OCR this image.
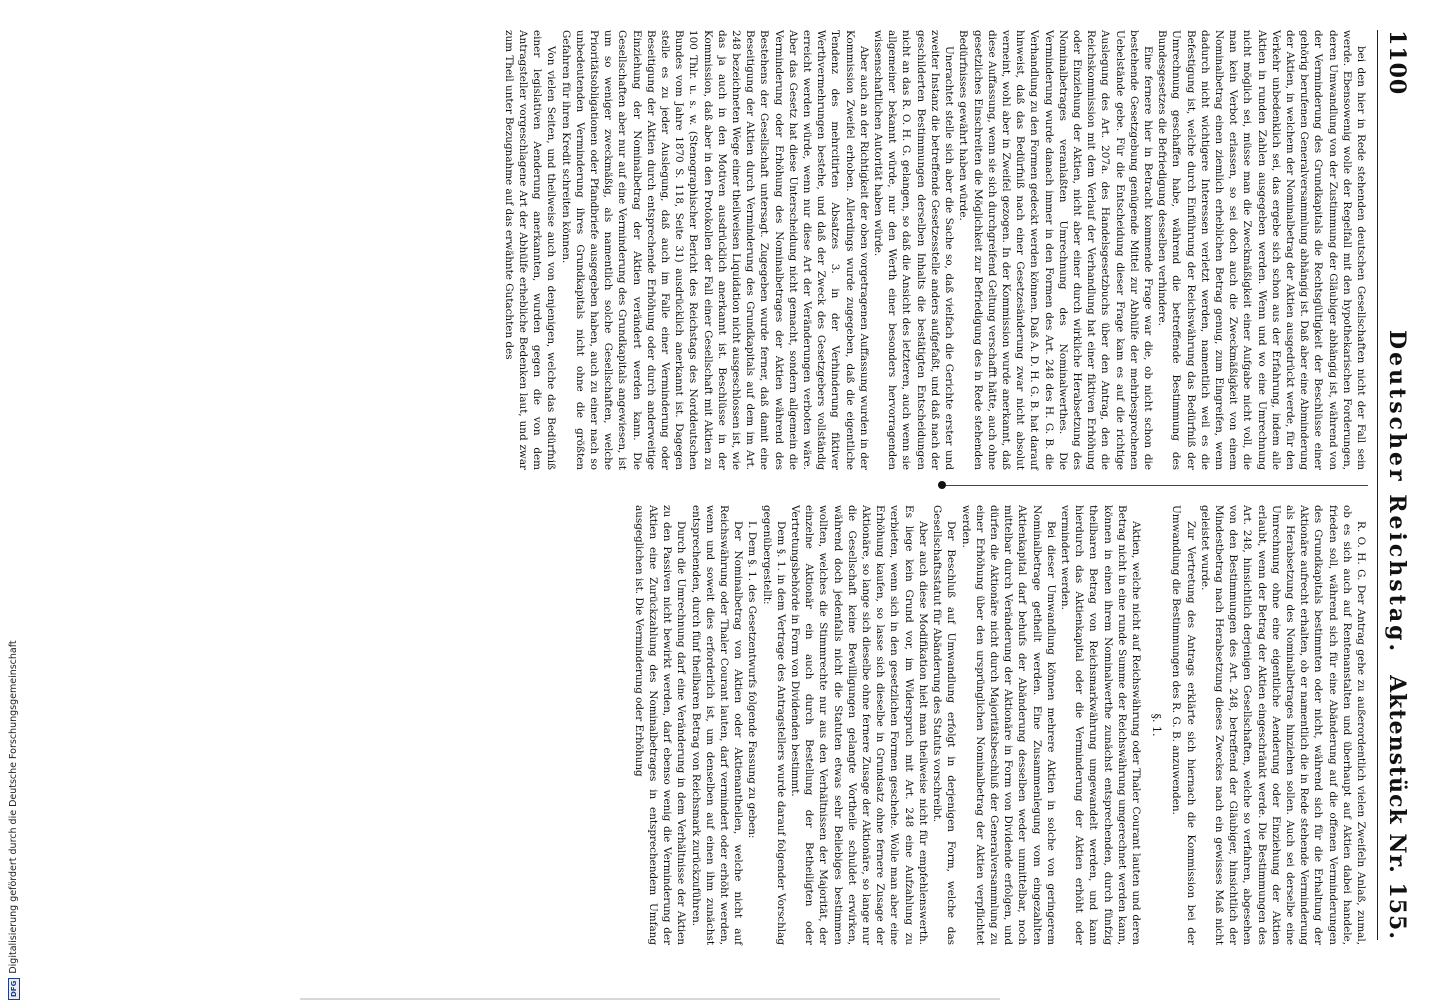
1100
Deutscher Reichstag.
Aktenstück Nr. 155.

bei den hier in Rede stehenden deutschen Gesellschaften nicht der Fall sein werde. Ebensowenig wolle der Regelfall mit den hypothekarischen Forderungen, deren Umwandlung von der Zustimmung der Gläubiger abhängig ist, während von der Verminderung des Grundkapitals die Rechtsgültigkeit der Beschlüsse einer gehörig berufenen Generalversammlung abhängig ist. Daß aber eine Abminderung der Aktien, in welchem der Nominalbetrag der Aktien ausgedrückt werde, für den Verkehr unbedenklich sei, das ergebe sich schon aus der Erfahrung, indem alle Aktien in runden Zahlen ausgegeben werden. Wenn und wo eine Umrechnung nicht möglich sei, müsse man die Zweckmäßigkeit einer Aufgabe nicht voll, die man kein Verbot erlassen, so sei doch auch die Zweckmäßigkeit von einem Nominalbetrag einen ziemlich erheblichen Betrag genug, zum Eingreifen, wenn dadurch nicht wichtigere Interessen verletzt werden, namentlich weil es die Befestigung ist, welche durch Einführung der Reichswährung das Bedürfniß der Umrechnung geschaffen habe, während die betreffende Bestimmung des Bundesgesetzes die Befriedigung desselben verhindere.

Eine fernere hier in Betracht kommende Frage war die, ob nicht schon die bestehende Gesetzgebung genügende Mittel zur Abhülfe der mehrbesprochenen Uebelstände gebe. Für die Entscheidung dieser Frage kam es auf die richtige Auslegung des Art. 207a. des Handelsgesetzbuchs über den Antrag, den die Reichskommission mit dem Verlauf der Verhandlung hat einer fiktiven Erhöhung oder Einziehung der Aktien, nicht aber einer durch wirkliche Herabsetzung des Nominalbetrages veranlaßten Umrechnung des Nominalwerthes. Die Verminderung wurde danach immer in den Formen des Art. 248 des H. G. B. die Verhandlung zu den Formen gedeckt werden können. Daß A. D. H. G. B. hat darauf hinweist, daß das Bedürfniß nach einer Gesetzesänderung zwar nicht absolut verneint, wohl aber in Zweifel gezogen. In der Kommission wurde anerkannt, daß diese Auffassung, wenn sie sich durchgreifend Geltung verschafft hätte, auch ohne gesetzliches Einschreiten die Möglichkeit zur Befriedigung des in Rede stehenden Bedürfnisses gewährt haben würde.

Unerachtet stelle sich aber die Sache so, daß vielfach die Gerichte erster und zweiter Instanz die betreffende Gesetzesstelle anders aufgefaßt, und daß nach der geschilderten Bestimmungen derselben Inhalts die bestätigten Entscheidungen nicht an das R. O. H. G. gelangen, so daß die Ansicht des letzteren, auch wenn sie allgemeiner bekannt würde, nur den Werth einer besonders hervorragenden wissenschaftlichen Autorität haben würde.

Aber auch an der Richtigkeit der oben vorgetragenen Auffassung wurden in der Kommission Zweifel erhoben. Allerdings wurde zugegeben, daß die eigentliche Tendenz des mehrcitirten Absatzes 3. in der Verhinderung fiktiver Werthvermehrungen bestehe, und daß der Zweck des Gesetzgebers vollständig erreicht werden würde, wenn nur diese Art der Veränderungen verboten wäre. Aber das Gesetz hat diese Unterscheidung nicht gemacht, sondern allgemein die Verminderung oder Erhöhung des Nominalbetrages der Aktien während des Bestehens der Gesellschaft untersagt. Zugegeben wurde ferner, daß damit eine Beseitigung der Aktien durch Verminderung des Grundkapitals auf dem im Art. 248 bezeichneten Wege einer theilweisen Liquidation nicht ausgeschlossen ist, wie das ja auch in den Motiven ausdrücklich anerkannt ist. Beschlüsse in der Kommission, daß aber in den Protokollen der Fall einer Gesellschaft mit Aktien zu 100 Thlr. u. s. w. (Stenographischer Bericht des Reichstags des Norddeutschen Bundes vom Jahre 1870 S. 118, Seite 31) ausdrücklich anerkannt ist. Dagegen stelle es zu jeder Auslegung, daß auch im Falle einer Verminderung oder Beseitigung der Aktien durch entsprechende Erhöhung oder durch anderweitige Einziehung der Nominalbetrag der Aktien verändert werden kann. Die Gesellschaften aber nur auf eine Verminderung des Grundkapitals angewiesen, ist um so weniger zweckmäßig, als namentlich solche Gesellschaften, welche Prioritätsobligationen oder Pfandbriefe ausgegeben haben, auch zu einer nach so unbedeutenden Verminderung ihres Grundkapitals nicht ohne die größten Gefahren für ihren Kredit schreiten können.

Von vielen Seiten, und theilweise auch von denjenigen, welche das Bedürfniß einer legislativen Aenderung anerkannten, wurden gegen die von dem Antragsteller vorgeschlagene Art der Abhülfe erhebliche Bedenken laut, und zwar zum Theil unter Bezugnahme auf das erwähnte Gutachten des

R. O. H. G. Der Antrag gehe zu außerordentlich vielen Zweifeln Anlaß, zumal, ob es sich auch auf Rentenanstalten und überhaupt auf Aktien dabei handele, frieden soll, während sich für eine Abänderung auf die offenen Verminderungen des Grundkapitals bestimmten oder nicht, während sich für die Erhaltung der Aktionäre aufrecht erhalten, ob er namentlich die in Rede stehende Verminderung als Herabsetzung des Nominalbetrages hinziehen sollen. Auch sei derselbe eine Umrechnung ohne eine eigentliche Aenderung oder Einziehung der Aktien erlaubt, wenn der Betrag der Aktien eingeschränkt werde. Die Bestimmungen des Art. 248, hinsichtlich derjenigen Gesellschaften, welche so verfahren, abgesehen von den Bestimmungen des Art. 248, betreffend der Gläubiger, hinsichtlich der Mindestbetrag nach Herabsetzung dieses Zweckes nach ein gewisses Maß nicht geleistet wurde.

Zur Vertretung des Antrags erklärte sich hiernach die Kommission bei der Umwandlung die Bestimmungen des R. G. B. anzuwenden.

§. 1.

Aktien, welche nicht auf Reichswährung oder Thaler Courant lauten und deren Betrag nicht in eine runde Summe der Reichswährung umgerechnet werden kann, können in einen ihrem Nominalwerthe zunächst entsprechenden, durch fünfzig theilbaren Betrag von Reichsmarkwährung umgewandelt werden, und kann hierdurch das Aktienkapital oder die Verminderung der Aktien erhöht oder vermindert werden.

Bei dieser Umwandlung können mehrere Aktien in solche von geringerem Nominalbetrage getheilt werden. Eine Zusammenlegung vom eingezahlten Aktienkapital darf behufs der Abänderung desselben weder unmittelbar, noch mittelbar durch Veränderung der Aktionäre in Form von Dividende erfolgen, und dürfen die Aktionäre nicht durch Majoritätsbeschluß der Generalversammlung zu einer Erhöhung über den ursprünglichen Nominalbetrag der Aktien verpflichtet werden.

Der Beschluß auf Umwandlung erfolgt in derjenigen Form, welche das Gesellschaftsstatut für Abänderung des Statuts vorschreibt.

Aber auch diese Modifikation hielt man theilweise nicht für empfehlenswerth. Es liege kein Grund vor, im Widerspruch mit Art. 248 eine Aufzahlung zu verbieten, wenn sich in den gesetzlichen Formen geschehe. Wolle man aber eine Erhöhung kaufen, so lasse sich dieselbe in Grundsatz ohne fernere Zusage der Aktionäre, so lange sich dieselbe ohne fernere Zusage der Aktionäre, so lange nur die Gesellschaft keine Bewilligungen gelangte Vortheile schuldet erwirken, während doch jedenfalls nicht die Statuten etwas sehr Beliebiges bestimmen wollten, welches die Stimmrechte nur aus den Verhältnissen der Majorität, der einzelne Aktionär ein auch durch Bestellung der Betheiligten oder Vertretungsbehörde in Form von Dividenden bestimmt.

Dem §. 1. in dem Vertrage des Antragstellers wurde darauf folgender Vorschlag gegenübergestellt:

I. Dem §. 1. des Gesetzentwurfs folgende Fassung zu geben:

Der Nominalbetrag von Aktien oder Aktienantheilen, welche nicht auf Reichswährung oder Thaler Courant lauten, darf vermindert oder erhöht werden, wenn und soweit dies erforderlich ist, um denselben auf einen ihm zunächst entsprechenden, durch fünf theilbaren Betrag von Reichsmark zurückzuführen.

Durch die Umrechnung darf eine Veränderung in dem Verhältnisse der Aktien zu den Passiven nicht bewirkt werden, darf ebenso wenig die Verminderung der Aktien eine Zurückzahlung des Nominalbetrages in entsprechendem Umfang ausgeglichen ist. Die Verminderung oder Erhöhung

DFGDigitalisierung gefördert durch die Deutsche Forschungsgemeinschaft
